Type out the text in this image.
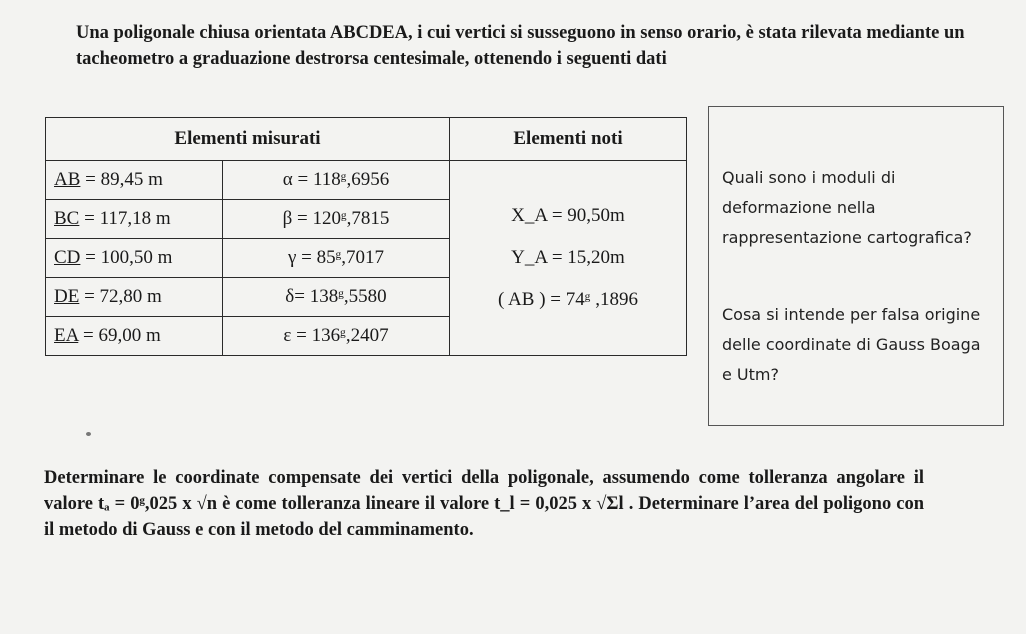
Una poligonale chiusa orientata ABCDEA, i cui vertici si susseguono in senso orario, è stata rilevata mediante un tacheometro a graduazione destrorsa centesimale, ottenendo i seguenti dati
Elementi misurati		Elementi noti
AB = 89,45 m	α = 118ᵍ,6956	X_A = 90,50m
Y_A = 15,20m
( AB ) = 74ᵍ ,1896

BC = 117,18 m	β = 120ᵍ,7815	
CD = 100,50 m	γ = 85ᵍ,7017	
DE = 72,80 m	δ= 138ᵍ,5580	
EA = 69,00 m	ε = 136ᵍ,2407	
Quali sono i moduli di deformazione nella rappresentazione cartografica?
Cosa si intende per falsa origine delle coordinate di Gauss Boaga e Utm?
Determinare le coordinate compensate dei vertici della poligonale, assumendo come tolleranza angolare il valore tₐ = 0ᵍ,025 x √n è come tolleranza lineare il valore t_l = 0,025 x √Σl . Determinare l’area del poligono con il metodo di Gauss e con il metodo del camminamento.
